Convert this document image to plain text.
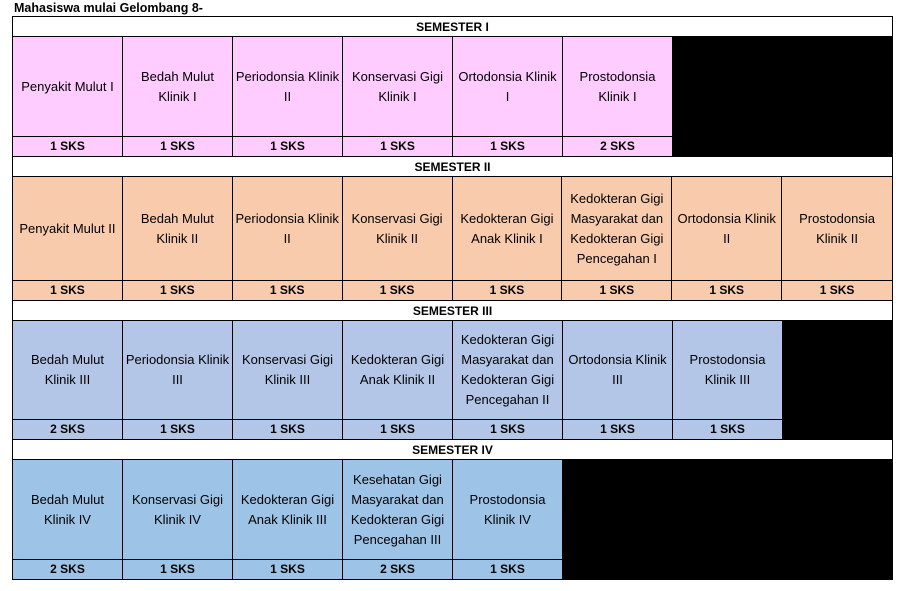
Mahasiswa mulai Gelombang 8-
SEMESTER I
Penyakit Mulut I
1 SKS
Bedah Mulut Klinik I
1 SKS
Periodonsia Klinik II
1 SKS
Konservasi Gigi Klinik I
1 SKS
Ortodonsia Klinik I
1 SKS
Prostodonsia Klinik I
2 SKS
SEMESTER II
Penyakit Mulut II
1 SKS
Bedah Mulut Klinik II
1 SKS
Periodonsia Klinik II
1 SKS
Konservasi Gigi Klinik II
1 SKS
Kedokteran Gigi Anak Klinik I
1 SKS
Kedokteran Gigi Masyarakat dan Kedokteran Gigi Pencegahan I
1 SKS
Ortodonsia Klinik II
1 SKS
Prostodonsia Klinik II
1 SKS
SEMESTER III
Bedah Mulut Klinik III
2 SKS
Periodonsia Klinik III
1 SKS
Konservasi Gigi Klinik III
1 SKS
Kedokteran Gigi Anak Klinik II
1 SKS
Kedokteran Gigi Masyarakat dan Kedokteran Gigi Pencegahan II
1 SKS
Ortodonsia Klinik III
1 SKS
Prostodonsia Klinik III
1 SKS
SEMESTER IV
Bedah Mulut Klinik IV
2 SKS
Konservasi Gigi Klinik IV
1 SKS
Kedokteran Gigi Anak Klinik III
1 SKS
Kesehatan Gigi Masyarakat dan Kedokteran Gigi Pencegahan III
2 SKS
Prostodonsia Klinik IV
1 SKS
